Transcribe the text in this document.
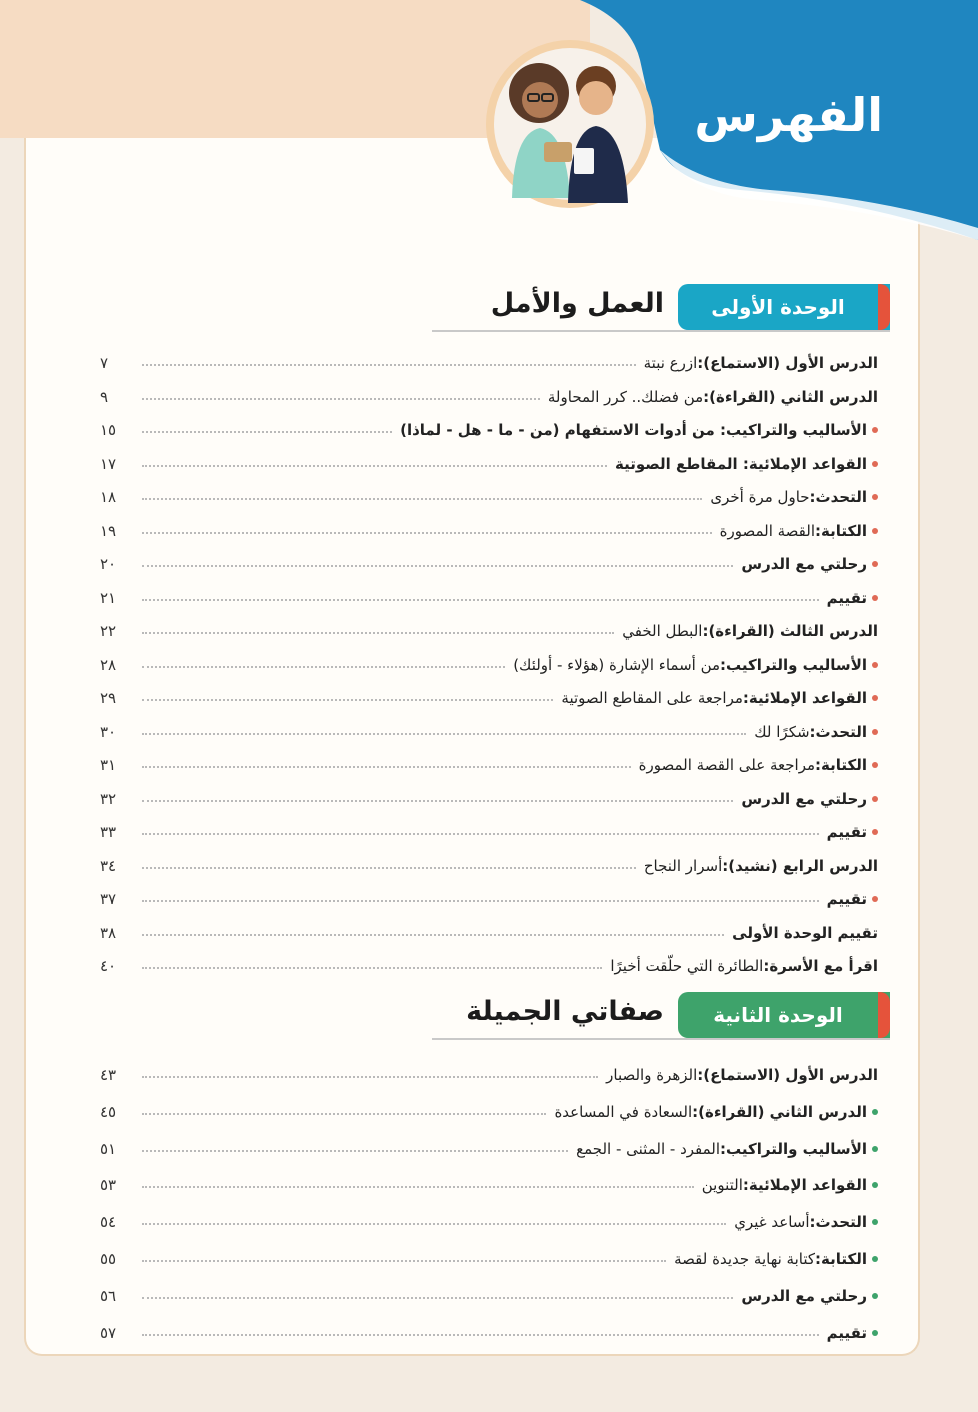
الفهرس
الوحدة الأولى
العمل والأمل
الدرس الأول (الاستماع):
ازرع نبتة
٧
الدرس الثاني (القراءة):
من فضلك.. كرر المحاولة
٩
الأساليب والتراكيب: من أدوات الاستفهام (من - ما - هل - لماذا)
١٥
القواعد الإملائية: المقاطع الصوتية
١٧
التحدث:
حاول مرة أخرى
١٨
الكتابة:
القصة المصورة
١٩
رحلتي مع الدرس
٢٠
تقييم
٢١
الدرس الثالث (القراءة):
البطل الخفي
٢٢
الأساليب والتراكيب:
من أسماء الإشارة (هؤلاء - أولئك)
٢٨
القواعد الإملائية:
مراجعة على المقاطع الصوتية
٢٩
التحدث:
شكرًا لك
٣٠
الكتابة:
مراجعة على القصة المصورة
٣١
رحلتي مع الدرس
٣٢
تقييم
٣٣
الدرس الرابع (نشيد):
أسرار النجاح
٣٤
تقييم
٣٧
تقييم الوحدة الأولى
٣٨
اقرأ مع الأسرة:
الطائرة التي حلّقت أخيرًا
٤٠
الوحدة الثانية
صفاتي الجميلة
الدرس الأول (الاستماع):
الزهرة والصبار
٤٣
الدرس الثاني (القراءة):
السعادة في المساعدة
٤٥
الأساليب والتراكيب:
المفرد - المثنى - الجمع
٥١
القواعد الإملائية:
التنوين
٥٣
التحدث:
أساعد غيري
٥٤
الكتابة:
كتابة نهاية جديدة لقصة
٥٥
رحلتي مع الدرس
٥٦
تقييم
٥٧
